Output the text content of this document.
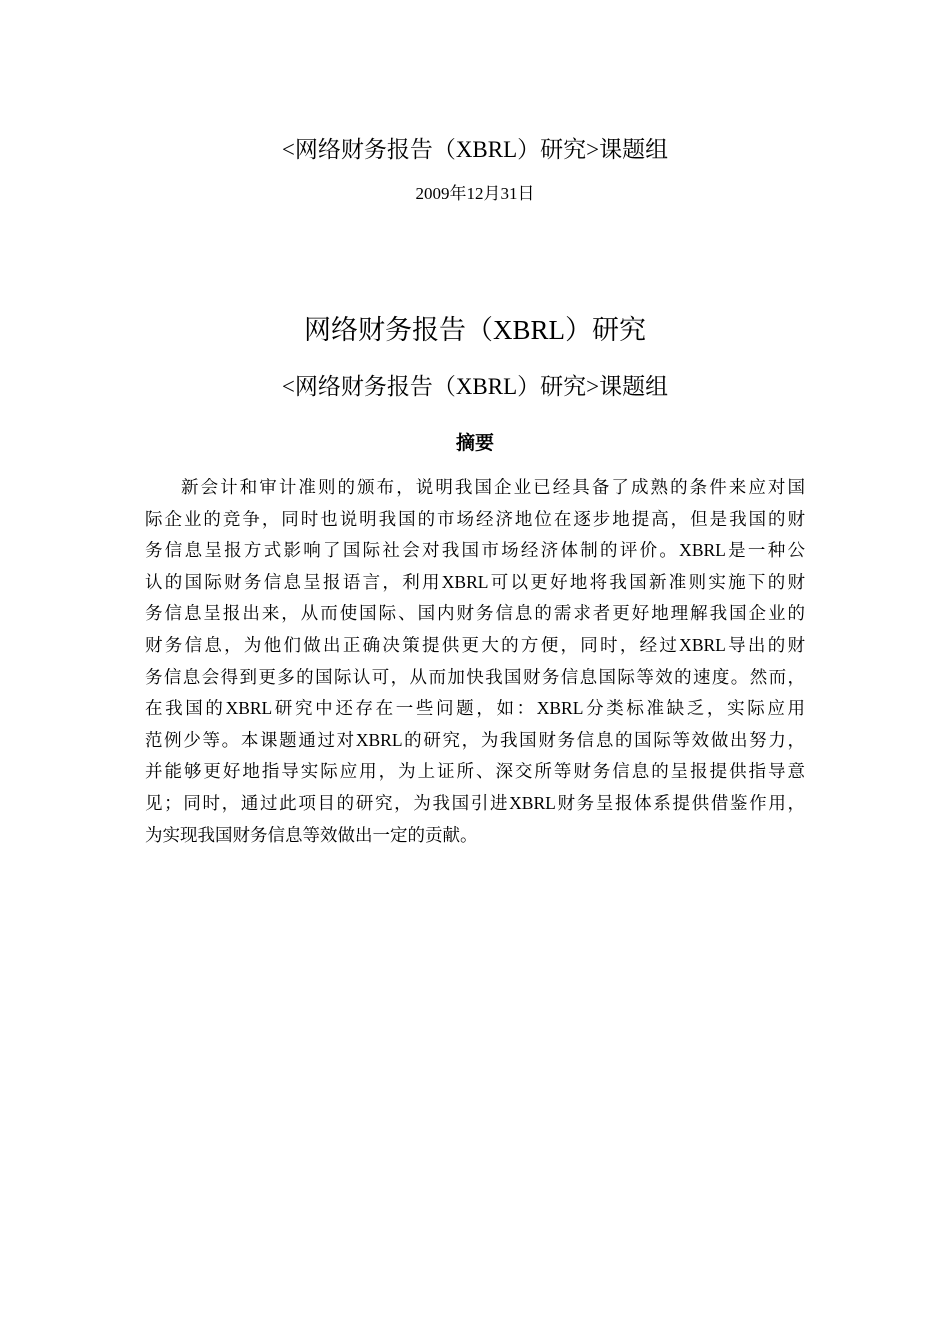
<网络财务报告（XBRL）研究>课题组
2009年12月31日
网络财务报告（XBRL）研究
<网络财务报告（XBRL）研究>课题组
摘要
新会计和审计准则的颁布，说明我国企业已经具备了成熟的条件来应对国
际企业的竞争，同时也说明我国的市场经济地位在逐步地提高，但是我国的财
务信息呈报方式影响了国际社会对我国市场经济体制的评价。XBRL是一种公
认的国际财务信息呈报语言，利用XBRL可以更好地将我国新准则实施下的财
务信息呈报出来，从而使国际、国内财务信息的需求者更好地理解我国企业的
财务信息，为他们做出正确决策提供更大的方便，同时，经过XBRL导出的财
务信息会得到更多的国际认可，从而加快我国财务信息国际等效的速度。然而，
在我国的XBRL研究中还存在一些问题，如：XBRL分类标准缺乏，实际应用
范例少等。本课题通过对XBRL的研究，为我国财务信息的国际等效做出努力，
并能够更好地指导实际应用，为上证所、深交所等财务信息的呈报提供指导意
见；同时，通过此项目的研究，为我国引进XBRL财务呈报体系提供借鉴作用，
为实现我国财务信息等效做出一定的贡献。
